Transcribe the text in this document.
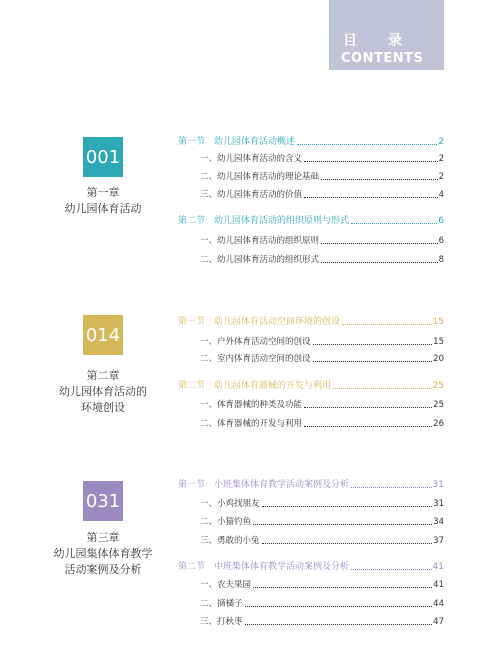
目 录
CONTENTS
001
第一章
幼儿园体育活动
第一节　幼儿园体育活动概述	2
一、幼儿园体育活动的含义	2
二、幼儿园体育活动的理论基础	2
三、幼儿园体育活动的价值	4
第二节　幼儿园体育活动的组织原则与形式	6
一、幼儿园体育活动的组织原则	6
二、幼儿园体育活动的组织形式	8
014
第二章
幼儿园体育活动的
环境创设
第一节　幼儿园体育活动空间环境的创设	15
一、户外体育活动空间的创设	15
二、室内体育活动空间的创设	20
第二节　幼儿园体育器械的开发与利用	25
一、体育器械的种类及功能	25
二、体育器械的开发与利用	26
031
第三章
幼儿园集体体育教学
活动案例及分析
第一节　小班集体体育教学活动案例及分析	31
一、小鸡找朋友	31
二、小猫钓鱼	34
三、勇敢的小兔	37
第二节　中班集体体育教学活动案例及分析	41
一、农夫果园	41
二、摘橘子	44
三、打秋枣	47
